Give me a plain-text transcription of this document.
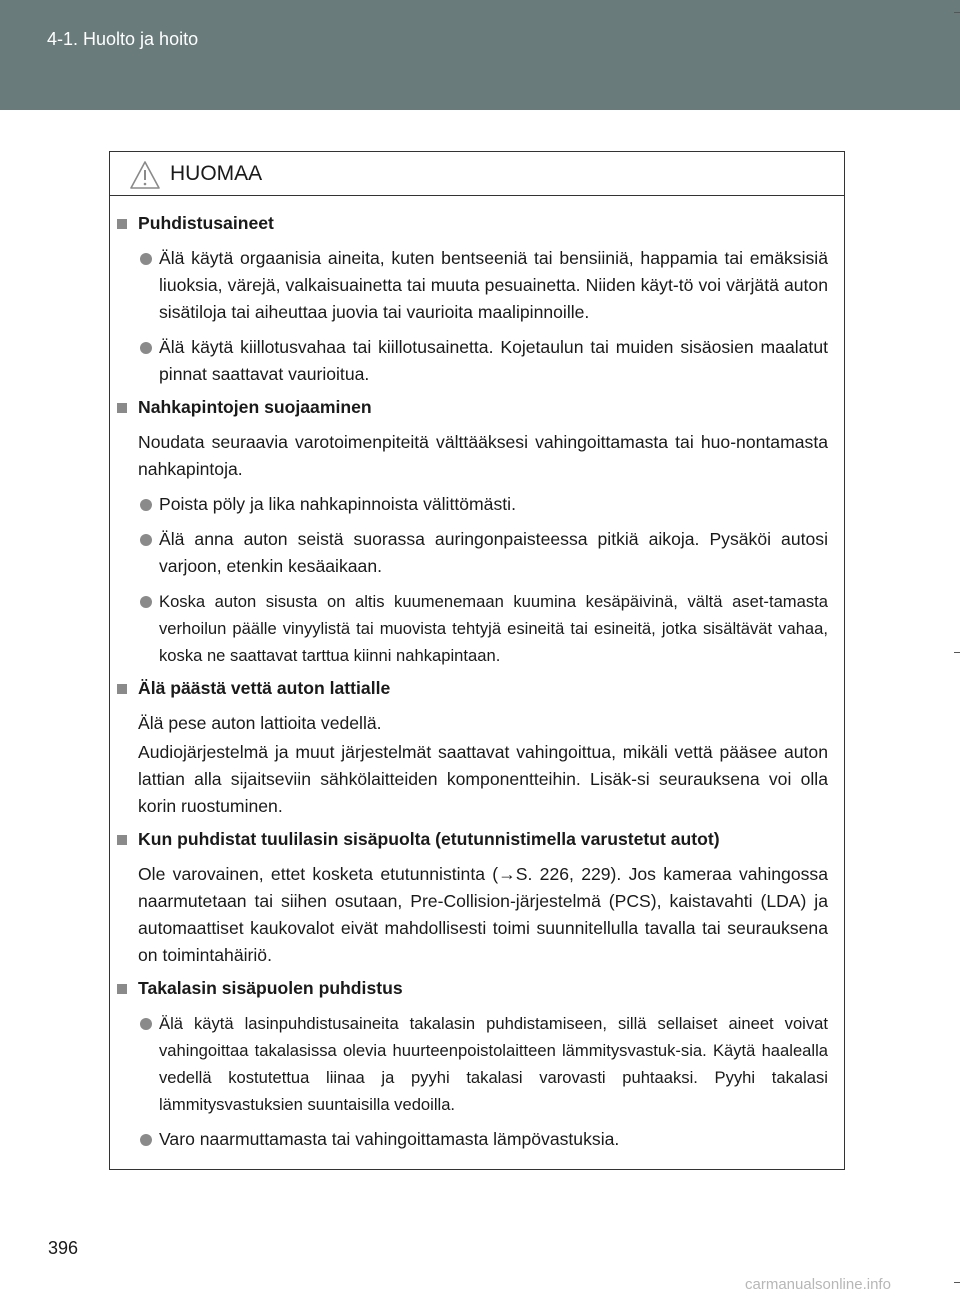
4-1. Huolto ja hoito
HUOMAA
Puhdistusaineet
Älä käytä orgaanisia aineita, kuten bentseeniä tai bensiiniä, happamia tai emäksisiä liuoksia, värejä, valkaisuainetta tai muuta pesuainetta. Niiden käyt-tö voi värjätä auton sisätiloja tai aiheuttaa juovia tai vaurioita maalipinnoille.
Älä käytä kiillotusvahaa tai kiillotusainetta. Kojetaulun tai muiden sisäosien maalatut pinnat saattavat vaurioitua.
Nahkapintojen suojaaminen
Noudata seuraavia varotoimenpiteitä välttääksesi vahingoittamasta tai huo-nontamasta nahkapintoja.
Poista pöly ja lika nahkapinnoista välittömästi.
Älä anna auton seistä suorassa auringonpaisteessa pitkiä aikoja. Pysäköi autosi varjoon, etenkin kesäaikaan.
Koska auton sisusta on altis kuumenemaan kuumina kesäpäivinä, vältä aset-tamasta verhoilun päälle vinyylistä tai muovista tehtyjä esineitä tai esineitä, jotka sisältävät vahaa, koska ne saattavat tarttua kiinni nahkapintaan.
Älä päästä vettä auton lattialle
Älä pese auton lattioita vedellä.
Audiojärjestelmä ja muut järjestelmät saattavat vahingoittua, mikäli vettä pääsee auton lattian alla sijaitseviin sähkölaitteiden komponentteihin. Lisäk-si seurauksena voi olla korin ruostuminen.
Kun puhdistat tuulilasin sisäpuolta (etutunnistimella varustetut autot)
Ole varovainen, ettet kosketa etutunnistinta (→S. 226, 229). Jos kameraa vahingossa naarmutetaan tai siihen osutaan, Pre-Collision-järjestelmä (PCS), kaistavahti (LDA) ja automaattiset kaukovalot eivät mahdollisesti toimi suunnitellulla tavalla tai seurauksena on toimintahäiriö.
Takalasin sisäpuolen puhdistus
Älä käytä lasinpuhdistusaineita takalasin puhdistamiseen, sillä sellaiset aineet voivat vahingoittaa takalasissa olevia huurteenpoistolaitteen lämmitysvastuk-sia. Käytä haalealla vedellä kostutettua liinaa ja pyyhi takalasi varovasti puhtaaksi. Pyyhi takalasi lämmitysvastuksien suuntaisilla vedoilla.
Varo naarmuttamasta tai vahingoittamasta lämpövastuksia.
396
carmanualsonline.info
